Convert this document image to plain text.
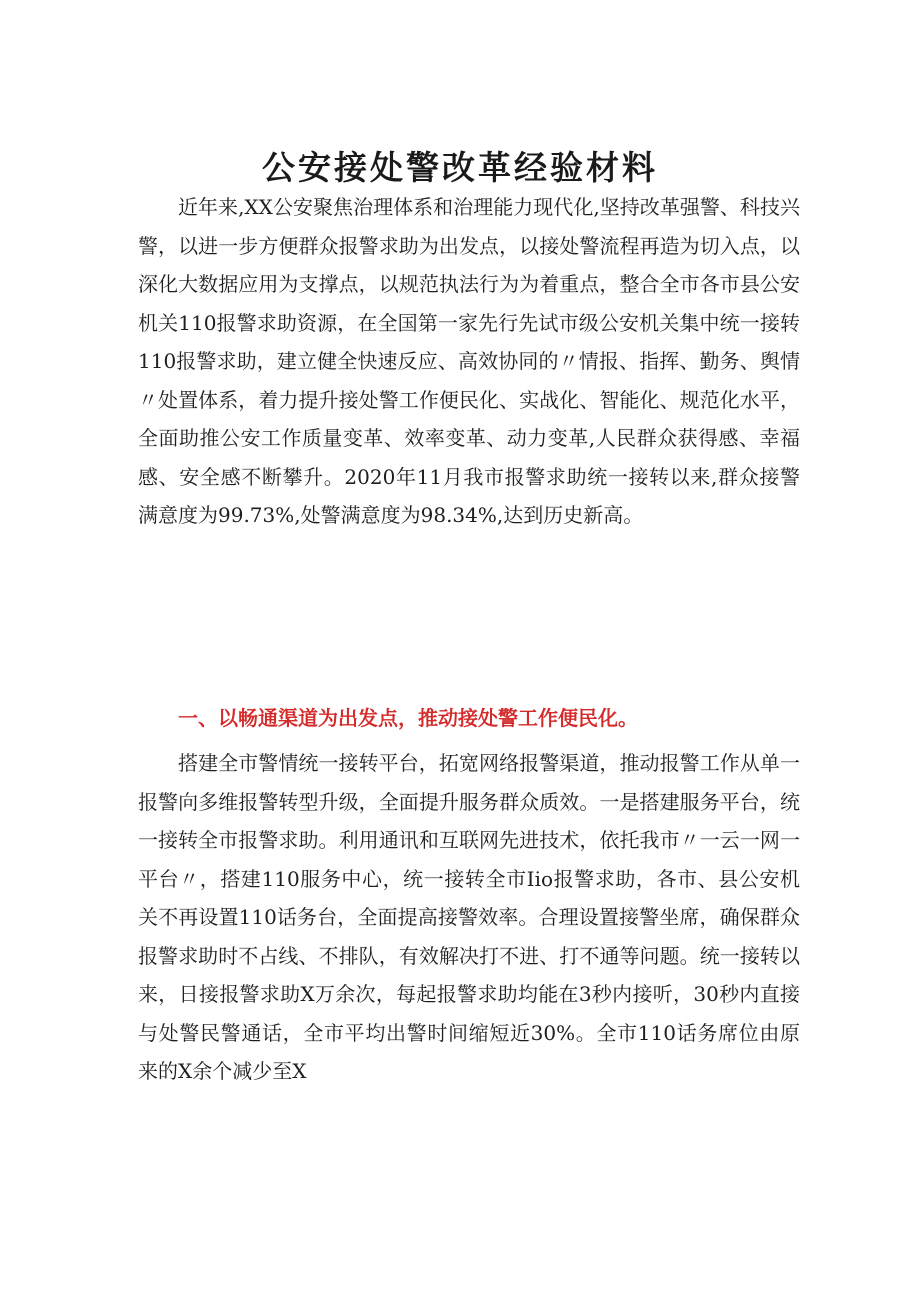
公安接处警改革经验材料

近年来,XX公安聚焦治理体系和治理能力现代化,坚持改革强警、科技兴警，以进一步方便群众报警求助为出发点，以接处警流程再造为切入点，以深化大数据应用为支撑点，以规范执法行为为着重点，整合全市各市县公安机关110报警求助资源，在全国第一家先行先试市级公安机关集中统一接转110报警求助，建立健全快速反应、高效协同的〃情报、指挥、勤务、舆情〃处置体系，着力提升接处警工作便民化、实战化、智能化、规范化水平，全面助推公安工作质量变革、效率变革、动力变革,人民群众获得感、幸福感、安全感不断攀升。2020年11月我市报警求助统一接转以来,群众接警满意度为99.73%,处警满意度为98.34%,达到历史新高。

一、以畅通渠道为出发点，推动接处警工作便民化。

搭建全市警情统一接转平台，拓宽网络报警渠道，推动报警工作从单一报警向多维报警转型升级，全面提升服务群众质效。一是搭建服务平台，统一接转全市报警求助。利用通讯和互联网先进技术，依托我市〃一云一网一平台〃，搭建110服务中心，统一接转全市Iio报警求助，各市、县公安机关不再设置110话务台，全面提高接警效率。合理设置接警坐席，确保群众报警求助时不占线、不排队，有效解决打不进、打不通等问题。统一接转以来，日接报警求助X万余次，每起报警求助均能在3秒内接听，30秒内直接与处警民警通话，全市平均出警时间缩短近30%。全市110话务席位由原来的X余个减少至X
